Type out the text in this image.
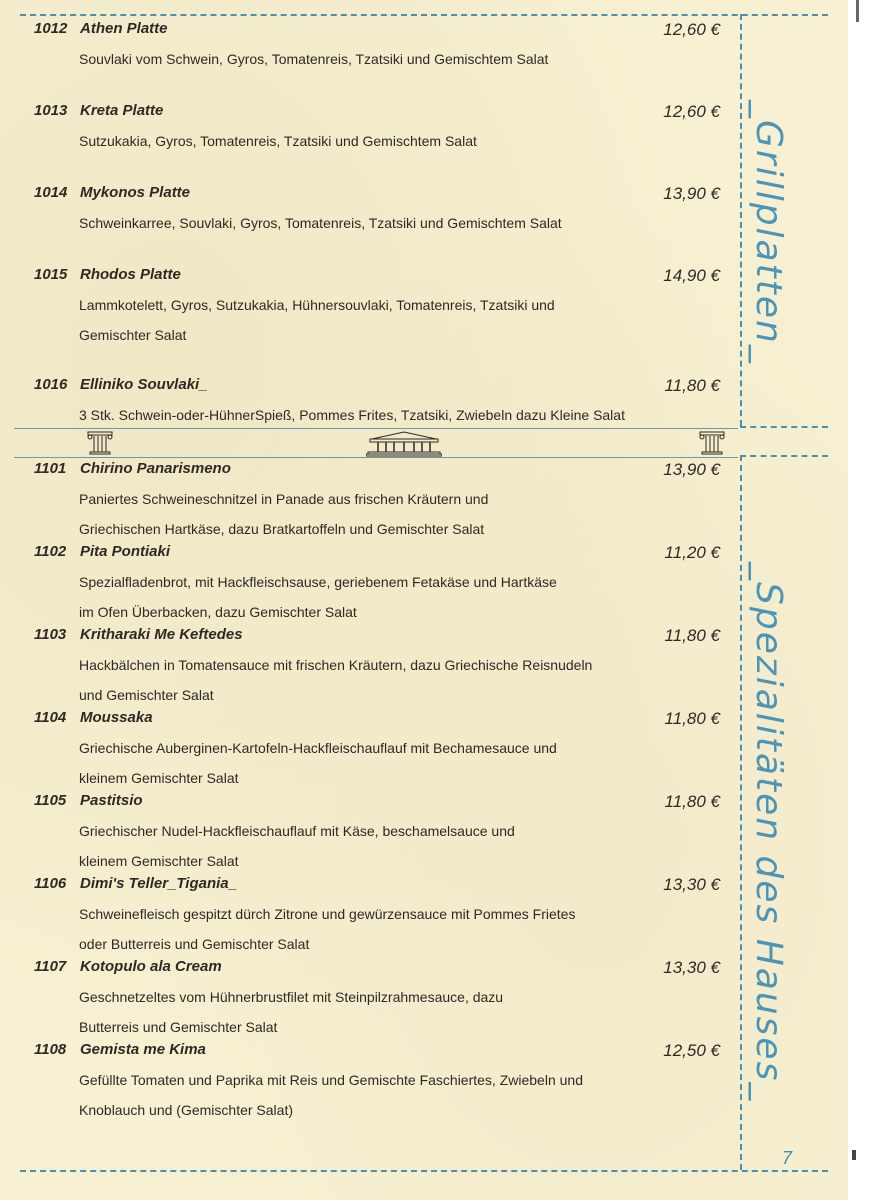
_Grillplatten_
_Spezialitäten des Hauses_
1012 Athen Platte	12,60 €
Souvlaki vom Schwein, Gyros, Tomatenreis, Tzatsiki und Gemischtem Salat
1013 Kreta Platte	12,60 €
Sutzukakia, Gyros, Tomatenreis, Tzatsiki und Gemischtem Salat
1014 Mykonos Platte	13,90 €
Schweinkarree, Souvlaki, Gyros, Tomatenreis, Tzatsiki und Gemischtem Salat
1015 Rhodos Platte	14,90 €
Lammkotelett, Gyros, Sutzukakia, Hühnersouvlaki, Tomatenreis, Tzatsiki und
Gemischter Salat
1016 Elliniko Souvlaki_	11,80 €
3 Stk. Schwein-oder-HühnerSpieß, Pommes Frites, Tzatsiki, Zwiebeln dazu Kleine Salat
1101 Chirino Panarismeno	13,90 €
Paniertes Schweineschnitzel in Panade aus frischen Kräutern und
Griechischen Hartkäse, dazu Bratkartoffeln und Gemischter Salat
1102 Pita Pontiaki	11,20 €
Spezialfladenbrot, mit Hackfleischsause, geriebenem Fetakäse und Hartkäse
im Ofen Überbacken, dazu Gemischter Salat
1103 Kritharaki Me Keftedes	11,80 €
Hackbälchen in Tomatensauce mit frischen Kräutern, dazu Griechische Reisnudeln
und Gemischter Salat
1104 Moussaka	11,80 €
Griechische Auberginen-Kartofeln-Hackfleischauflauf mit Bechamesauce und
kleinem Gemischter Salat
1105 Pastitsio	11,80 €
Griechischer Nudel-Hackfleischauflauf mit Käse, beschamelsauce und
kleinem Gemischter Salat
1106 Dimi's Teller_Tigania_	13,30 €
Schweinefleisch gespitzt dürch Zitrone und gewürzensauce mit Pommes Frietes
oder Butterreis und Gemischter Salat
1107 Kotopulo ala Cream	13,30 €
Geschnetzeltes vom Hühnerbrustfilet mit Steinpilzrahmesauce, dazu
Butterreis und Gemischter Salat
1108 Gemista me Kima	12,50 €
Gefüllte Tomaten und Paprika mit Reis und Gemischte Faschiertes, Zwiebeln und
Knoblauch und (Gemischter Salat)
7
